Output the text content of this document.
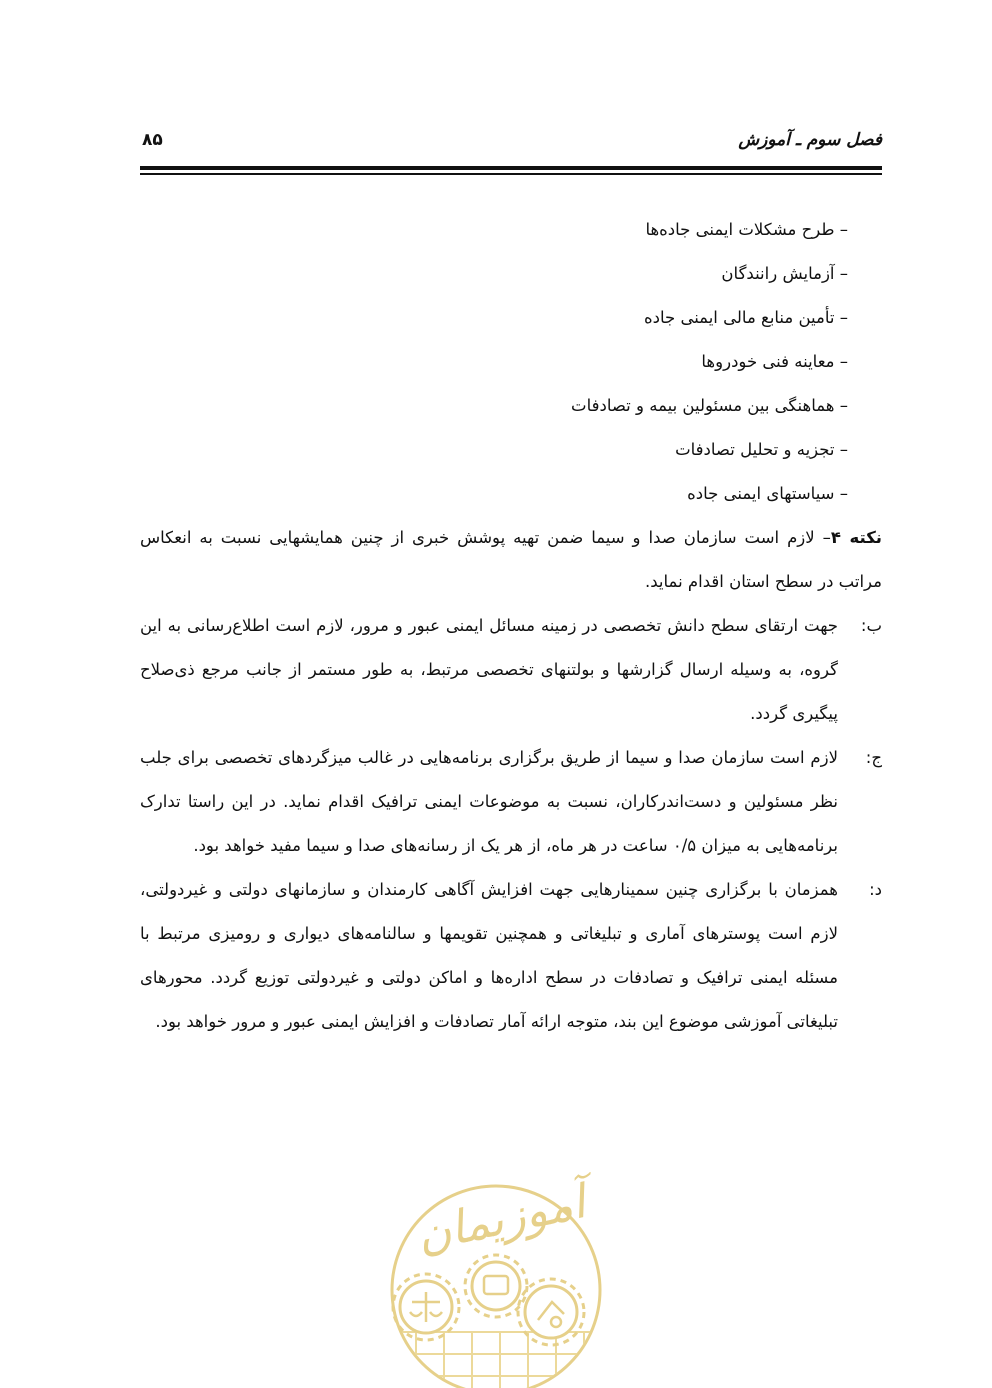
فصل سوم ـ آموزش
۸۵
– طرح مشکلات ایمنی جاده‌ها
– آزمایش رانندگان
– تأمین منابع مالی ایمنی جاده
– معاینه فنی خودروها
– هماهنگی بین مسئولین بیمه و تصادفات
– تجزیه و تحلیل تصادفات
– سیاستهای ایمنی جاده

نکته ۴– لازم است سازمان صدا و سیما ضمن تهیه پوشش خبری از چنین همایشهایی نسبت به انعکاس مراتب در سطح استان اقدام نماید.

ب:
جهت ارتقای سطح دانش تخصصی در زمینه مسائل ایمنی عبور و مرور، لازم است اطلاع‌رسانی به این گروه، به وسیله ارسال گزارشها و بولتنهای تخصصی مرتبط، به طور مستمر از جانب مرجع ذی‌صلاح پیگیری گردد.

ج:
لازم است سازمان صدا و سیما از طریق برگزاری برنامه‌هایی در غالب میزگردهای تخصصی برای جلب نظر مسئولین و دست‌اندرکاران، نسبت به موضوعات ایمنی ترافیک اقدام نماید. در این راستا تدارک برنامه‌هایی به میزان ۰/۵ ساعت در هر ماه، از هر یک از رسانه‌های صدا و سیما مفید خواهد بود.

د:
همزمان با برگزاری چنین سمینارهایی جهت افزایش آگاهی کارمندان و سازمانهای دولتی و غیردولتی، لازم است پوسترهای آماری و تبلیغاتی و همچنین تقویمها و سالنامه‌های دیواری و رومیزی مرتبط با مسئله ایمنی ترافیک و تصادفات در سطح اداره‌ها و اماکن دولتی و غیردولتی توزیع گردد. محورهای تبلیغاتی آموزشی موضوع این بند، متوجه ارائه آمار تصادفات و افزایش ایمنی عبور و مرور خواهد بود.

آموزیمان
